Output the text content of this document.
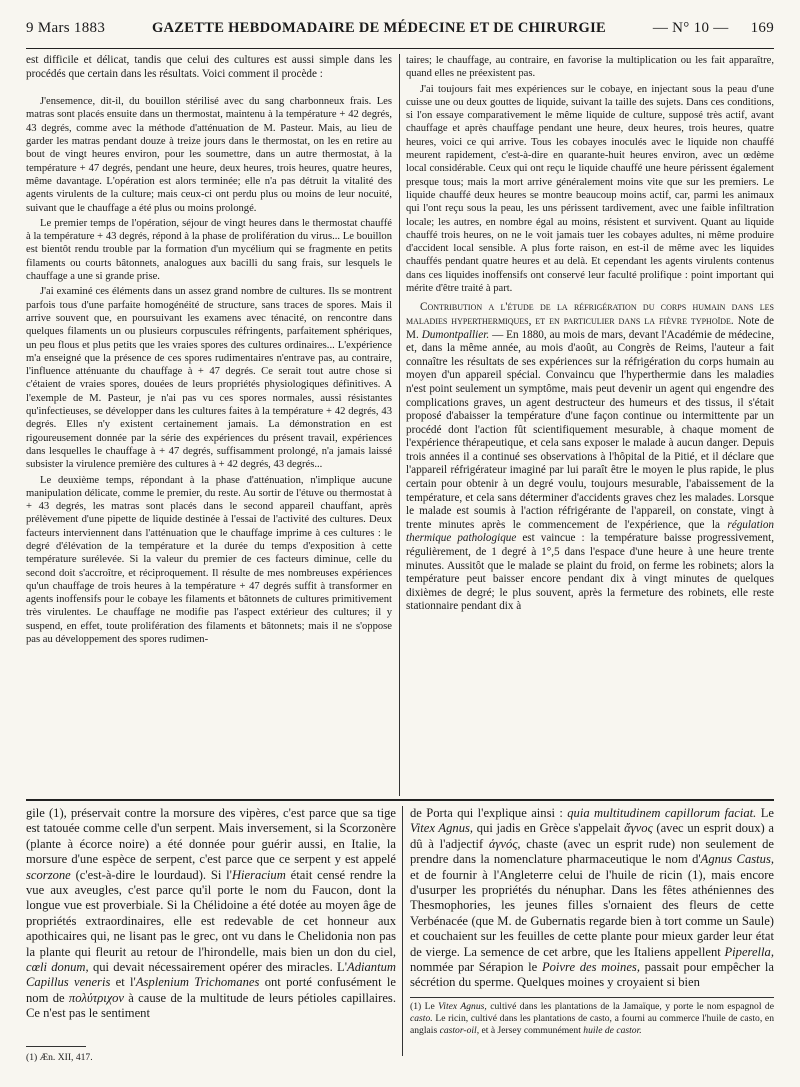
9 Mars 1883	GAZETTE HEBDOMADAIRE DE MÉDECINE ET DE CHIRURGIE	— N° 10 — 169

est difficile et délicat, tandis que celui des cultures est aussi simple dans les procédés que certain dans les résultats. Voici comment il procède :

J'ensemence, dit-il, du bouillon stérilisé avec du sang charbonneux frais. Les matras sont placés ensuite dans un thermostat, maintenu à la température + 42 degrés, 43 degrés, comme avec la méthode d'atténuation de M. Pasteur. Mais, au lieu de garder les matras pendant douze à treize jours dans le thermostat, on les en retire au bout de vingt heures environ, pour les soumettre, dans un autre thermostat, à la température + 47 degrés, pendant une heure, deux heures, trois heures, quatre heures, même davantage. L'opération est alors terminée; elle n'a pas détruit la vitalité des agents virulents de la culture; mais ceux-ci ont perdu plus ou moins de leur nocuité, suivant que le chauffage a été plus ou moins prolongé.

Le premier temps de l'opération, séjour de vingt heures dans le thermostat chauffé à la température + 43 degrés, répond à la phase de prolifération du virus... Le bouillon est bientôt rendu trouble par la formation d'un mycélium qui se fragmente en petits filaments ou courts bâtonnets, analogues aux bacilli du sang frais, sur lesquels le chauffage a une si grande prise.

J'ai examiné ces éléments dans un assez grand nombre de cultures. Ils se montrent parfois tous d'une parfaite homogénéité de structure, sans traces de spores. Mais il arrive souvent que, en poursuivant les examens avec ténacité, on rencontre dans quelques filaments un ou plusieurs corpuscules réfringents, parfaitement sphériques, un peu flous et plus petits que les vraies spores des cultures ordinaires... L'expérience m'a enseigné que la présence de ces spores rudimentaires n'entrave pas, au contraire, l'influence atténuante du chauffage à + 47 degrés. Ce serait tout autre chose si c'étaient de vraies spores, douées de leurs propriétés physiologiques définitives. A l'exemple de M. Pasteur, je n'ai pas vu ces spores normales, aussi résistantes qu'infectieuses, se développer dans les cultures faites à la température + 42 degrés, 43 degrés. Elles n'y existent certainement jamais. La démonstration en est rigoureusement donnée par la série des expériences du présent travail, expériences dans lesquelles le chauffage à + 47 degrés, suffisamment prolongé, n'a jamais laissé subsister la virulence première des cultures à + 42 degrés, 43 degrés...

Le deuxième temps, répondant à la phase d'atténuation, n'implique aucune manipulation délicate, comme le premier, du reste. Au sortir de l'étuve ou thermostat à + 43 degrés, les matras sont placés dans le second appareil chauffant, après prélèvement d'une pipette de liquide destinée à l'essai de l'activité des cultures. Deux facteurs interviennent dans l'atténuation que le chauffage imprime à ces cultures : le degré d'élévation de la température et la durée du temps d'exposition à cette température surélevée. Si la valeur du premier de ces facteurs diminue, celle du second doit s'accroître, et réciproquement. Il résulte de mes nombreuses expériences qu'un chauffage de trois heures à la température + 47 degrés suffit à transformer en agents inoffensifs pour le cobaye les filaments et bâtonnets de cultures primitivement très virulentes. Le chauffage ne modifie pas l'aspect extérieur des cultures; il y suspend, en effet, toute prolifération des filaments et bâtonnets; mais il ne s'oppose pas au développement des spores rudimen-

taires; le chauffage, au contraire, en favorise la multiplication ou les fait apparaître, quand elles ne préexistent pas.

J'ai toujours fait mes expériences sur le cobaye, en injectant sous la peau d'une cuisse une ou deux gouttes de liquide, suivant la taille des sujets. Dans ces conditions, si l'on essaye comparativement le même liquide de culture, supposé très actif, avant chauffage et après chauffage pendant une heure, deux heures, trois heures, quatre heures, voici ce qui arrive. Tous les cobayes inoculés avec le liquide non chauffé meurent rapidement, c'est-à-dire en quarante-huit heures environ, avec un œdème local considérable. Ceux qui ont reçu le liquide chauffé une heure périssent également presque tous; mais la mort arrive généralement moins vite que sur les premiers. Le liquide chauffé deux heures se montre beaucoup moins actif, car, parmi les animaux qui l'ont reçu sous la peau, les uns périssent tardivement, avec une faible infiltration locale; les autres, en nombre égal au moins, résistent et survivent. Quant au liquide chauffé trois heures, on ne le voit jamais tuer les cobayes adultes, ni même produire d'accident local sensible. A plus forte raison, en est-il de même avec les liquides chauffés pendant quatre heures et au delà. Et cependant les agents virulents contenus dans ces liquides inoffensifs ont conservé leur faculté prolifique : point important qui mérite d'être traité à part.

Contribution a l'étude de la réfrigération du corps humain dans les maladies hyperthermiques, et en particulier dans la fièvre typhoïde. Note de M. Dumontpallier. — En 1880, au mois de mars, devant l'Académie de médecine, et, dans la même année, au mois d'août, au Congrès de Reims, l'auteur a fait connaître les résultats de ses expériences sur la réfrigération du corps humain au moyen d'un appareil spécial. Convaincu que l'hyperthermie dans les maladies n'est point seulement un symptôme, mais peut devenir un agent qui engendre des complications graves, un agent destructeur des humeurs et des tissus, il s'était proposé d'abaisser la température d'une façon continue ou intermittente par un procédé dont l'action fût scientifiquement mesurable, à chaque moment de l'expérience thérapeutique, et cela sans exposer le malade à aucun danger. Depuis trois années il a continué ses observations à l'hôpital de la Pitié, et il déclare que l'appareil réfrigérateur imaginé par lui paraît être le moyen le plus rapide, le plus certain pour obtenir à un degré voulu, toujours mesurable, l'abaissement de la température, et cela sans déterminer d'accidents graves chez les malades. Lorsque le malade est soumis à l'action réfrigérante de l'appareil, on constate, vingt à trente minutes après le commencement de l'expérience, que la régulation thermique pathologique est vaincue : la température baisse progressivement, régulièrement, de 1 degré à 1°,5 dans l'espace d'une heure à une heure trente minutes. Aussitôt que le malade se plaint du froid, on ferme les robinets; alors la température peut baisser encore pendant dix à vingt minutes de quelques dixièmes de degré; le plus souvent, après la fermeture des robinets, elle reste stationnaire pendant dix à

gile (1), préservait contre la morsure des vipères, c'est parce que sa tige est tatouée comme celle d'un serpent. Mais inversement, si la Scorzonère (plante à écorce noire) a été donnée pour guérir aussi, en Italie, la morsure d'une espèce de serpent, c'est parce que ce serpent y est appelé scorzone (c'est-à-dire le lourdaud). Si l'Hieracium était censé rendre la vue aux aveugles, c'est parce qu'il porte le nom du Faucon, dont la longue vue est proverbiale. Si la Chélidoine a été dotée au moyen âge de propriétés extraordinaires, elle est redevable de cet honneur aux apothicaires qui, ne lisant pas le grec, ont vu dans le Chelidonia non pas la plante qui fleurit au retour de l'hirondelle, mais bien un don du ciel, cœli donum, qui devait nécessairement opérer des miracles. L'Adiantum Capillus veneris et l'Asplenium Trichomanes ont porté confusément le nom de πολύτριχον à cause de la multitude de leurs pétioles capillaires. Ce n'est pas le sentiment

(1) Æn. XII, 417.

de Porta qui l'explique ainsi : quia multitudinem capillorum faciat. Le Vitex Agnus, qui jadis en Grèce s'appelait ἄγνος (avec un esprit doux) a dû à l'adjectif ἁγνός, chaste (avec un esprit rude) non seulement de prendre dans la nomenclature pharmaceutique le nom d'Agnus Castus, et de fournir à l'Angleterre celui de l'huile de ricin (1), mais encore d'usurper les propriétés du nénuphar. Dans les fêtes athéniennes des Thesmophories, les jeunes filles s'ornaient des fleurs de cette Verbénacée (que M. de Gubernatis regarde bien à tort comme un Saule) et couchaient sur les feuilles de cette plante pour mieux garder leur état de vierge. La semence de cet arbre, que les Italiens appellent Piperella, nommée par Sérapion le Poivre des moines, passait pour empêcher la sécrétion du sperme. Quelques moines y croyaient si bien

(1) Le Vitex Agnus, cultivé dans les plantations de la Jamaïque, y porte le nom espagnol de casto. Le ricin, cultivé dans les plantations de casto, a fourni au commerce l'huile de casto, en anglais castor-oil, et à Jersey communément huile de castor.
